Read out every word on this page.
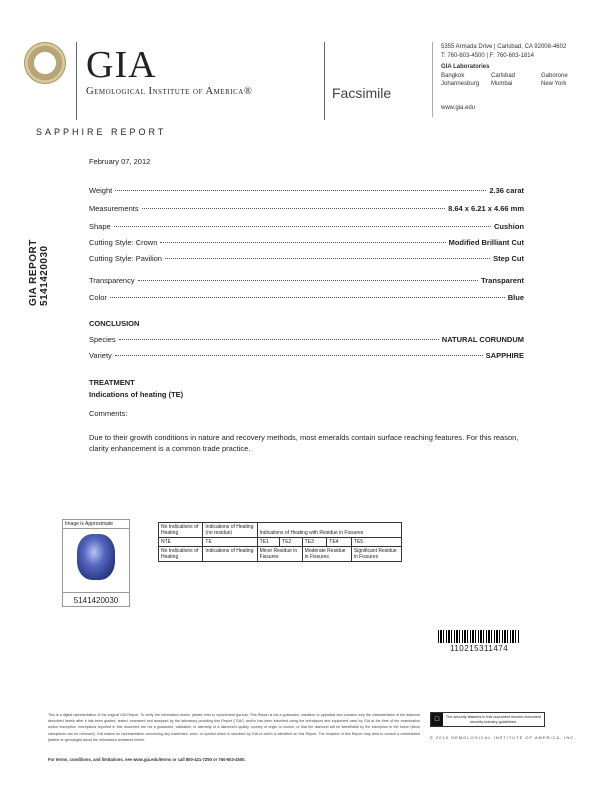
GIA
Gemological Institute of America®	Facsimile
5355 Armada Drive | Carlsbad, CA 92008-4602
T: 760-603-4500 | F: 760-603-1814
GIA Laboratories
Bangkok	Carlsbad	Gaborone
Johannesburg	Mumbai	New York
www.gia.edu
SAPPHIRE REPORT
GIA REPORT 5141420030
February 07, 2012
Weight	2.36 carat
Measurements	8.64 x 6.21 x 4.66 mm
Shape	Cushion
Cutting Style: Crown	Modified Brilliant Cut
Cutting Style: Pavilion	Step Cut
Transparency	Transparent
Color	Blue
CONCLUSION
Species	NATURAL CORUNDUM
Variety	SAPPHIRE
TREATMENT
Indications of heating (TE)
Comments:
Due to their growth conditions in nature and recovery methods, most emeralds contain surface reaching features. For this reason, clarity enhancement is a common trade practice.
Image is Approximate
5141420030
No Indications of Heating	Indications of Heating (no residue)	Indications of Heating with Residue in Fissures				
NTE	TE	TE1	TE2	TE3	TE4	TE5
No Indications of Heating	Indications of Heating	Minor Residue in Fissures		Moderate Residue in Fissures		Significant Residue in Fissures
110215311474
This is a digital representation of the original GIA Report. To verify the information herein, please refer to reportcheck.gia.edu. This Report is not a guarantee, valuation or appraisal and contains only the characteristics of the diamond described herein after it has been graded, tested, examined and analyzed by the laboratory providing this Report ("GIA") and/or has been inscribed using the techniques and equipment used by GIA at the time of the examination and/or inscription. Inscriptions reported in this document are not a guarantee, validation, or warranty of a diamond's quality, country of origin or source, or that the diamond will be identifiable by the inscription in the future (since inscriptions can be removed). GIA makes no representation concerning any trademark, word, or symbol which is inscribed by GIA or which is identified on this Report. The recipient of this Report may wish to consult a credentialed jeweler or gemologist about the information contained herein.
For terms, conditions, and limitations, see www.gia.edu/terms or call 800-421-7250 or 760-603-4500.
□	The security features in this document exceed document security industry guidelines.
© 2010 GEMOLOGICAL INSTITUTE OF AMERICA, INC.
